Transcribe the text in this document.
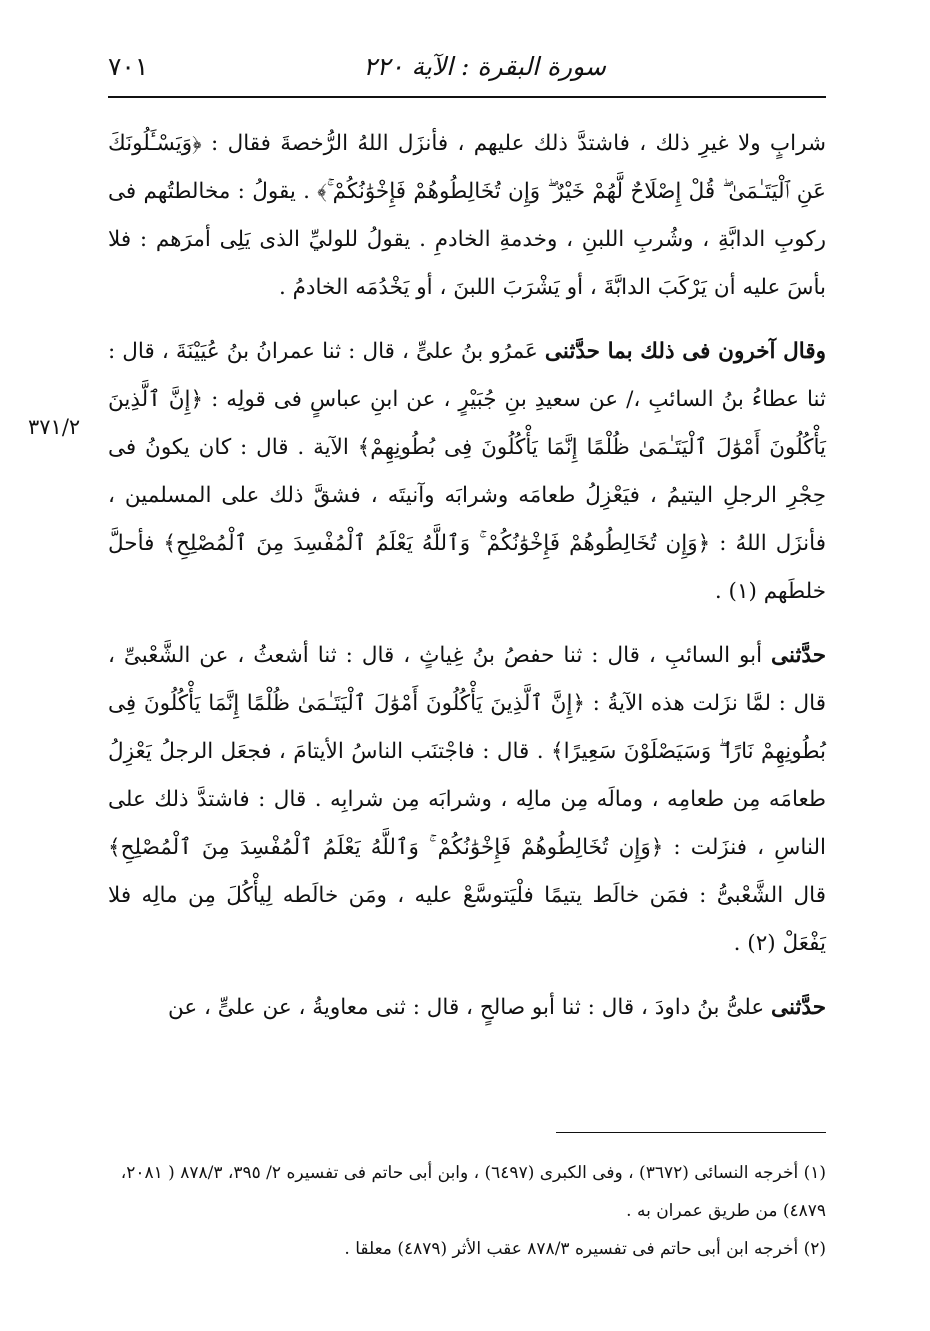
سورة البقرة : الآية ٢٢٠
٧٠١
٣٧١/٢

شرابٍ ولا غيرِ ذلك ، فاشتدَّ ذلك عليهم ، فأنزَل اللهُ الرُّخصةَ فقال : ﴿وَيَسْـَٔلُونَكَ عَنِ ٱلْيَتَـٰمَىٰ ۖ قُلْ إِصْلَاحٌ لَّهُمْ خَيْرٌ ۖ وَإِن تُخَالِطُوهُمْ فَإِخْوَٰنُكُمْ ۚ﴾ . يقولُ : مخالطتُهم فى ركوبِ الدابَّةِ ، وشُربِ اللبنِ ، وخدمةِ الخادمِ . يقولُ للوليِّ الذى يَلِى أمرَهم : فلا بأسَ عليه أن يَرْكَبَ الدابَّةَ ، أو يَشْرَبَ اللبنَ ، أو يَخْدُمَه الخادمُ .

وقال آخرون فى ذلك بما حدَّثنى عَمرُو بنُ علىٍّ ، قال : ثنا عمرانُ بنُ عُيَيْنَةَ ، قال : ثنا عطاءُ بنُ السائبِ ،/ عن سعيدِ بنِ جُبَيْرٍ ، عن ابنِ عباسٍ فى قولِه : ﴿إِنَّ ٱلَّذِينَ يَأْكُلُونَ أَمْوَٰلَ ٱلْيَتَـٰمَىٰ ظُلْمًا إِنَّمَا يَأْكُلُونَ فِى بُطُونِهِمْ﴾ الآية . قال : كان يكونُ فى حِجْرِ الرجلِ اليتيمُ ، فيَعْزِلُ طعامَه وشرابَه وآنيتَه ، فشقَّ ذلك على المسلمين ، فأنزَل اللهُ : ﴿وَإِن تُخَالِطُوهُمْ فَإِخْوَٰنُكُمْ ۚ وَٱللَّهُ يَعْلَمُ ٱلْمُفْسِدَ مِنَ ٱلْمُصْلِحِ﴾ فأحلَّ خلطَهم (١) .

حدَّثنى أبو السائبِ ، قال : ثنا حفصُ بنُ غِياثٍ ، قال : ثنا أشعثُ ، عن الشَّعْبىِّ ، قال : لمَّا نزَلت هذه الآيةُ : ﴿إِنَّ ٱلَّذِينَ يَأْكُلُونَ أَمْوَٰلَ ٱلْيَتَـٰمَىٰ ظُلْمًا إِنَّمَا يَأْكُلُونَ فِى بُطُونِهِمْ نَارًا ۖ وَسَيَصْلَوْنَ سَعِيرًا﴾ . قال : فاجْتنَب الناسُ الأيتامَ ، فجعَل الرجلُ يَعْزِلُ طعامَه مِن طعامِه ، ومالَه مِن مالِه ، وشرابَه مِن شرابِه . قال : فاشتدَّ ذلك على الناسِ ، فنزَلت : ﴿وَإِن تُخَالِطُوهُمْ فَإِخْوَٰنُكُمْ ۚ وَٱللَّهُ يَعْلَمُ ٱلْمُفْسِدَ مِنَ ٱلْمُصْلِحِ﴾ قال الشَّعْبىُّ : فمَن خالَط يتيمًا فلْيَتوسَّعْ عليه ، ومَن خالَطه لِيأْكُلَ مِن مالِه فلا يَفْعَلْ (٢) .

حدَّثنى علىُّ بنُ داودَ ، قال : ثنا أبو صالحٍ ، قال : ثنى معاويةُ ، عن علىٍّ ، عن

(١) أخرجه النسائى (٣٦٧٢) ، وفى الكبرى (٦٤٩٧) ، وابن أبى حاتم فى تفسيره ٢/ ٣٩٥، ٨٧٨/٣ ( ٢٠٨١، ٤٨٧٩) من طريق عمران به .

(٢) أخرجه ابن أبى حاتم فى تفسيره ٨٧٨/٣ عقب الأثر (٤٨٧٩) معلقا .
